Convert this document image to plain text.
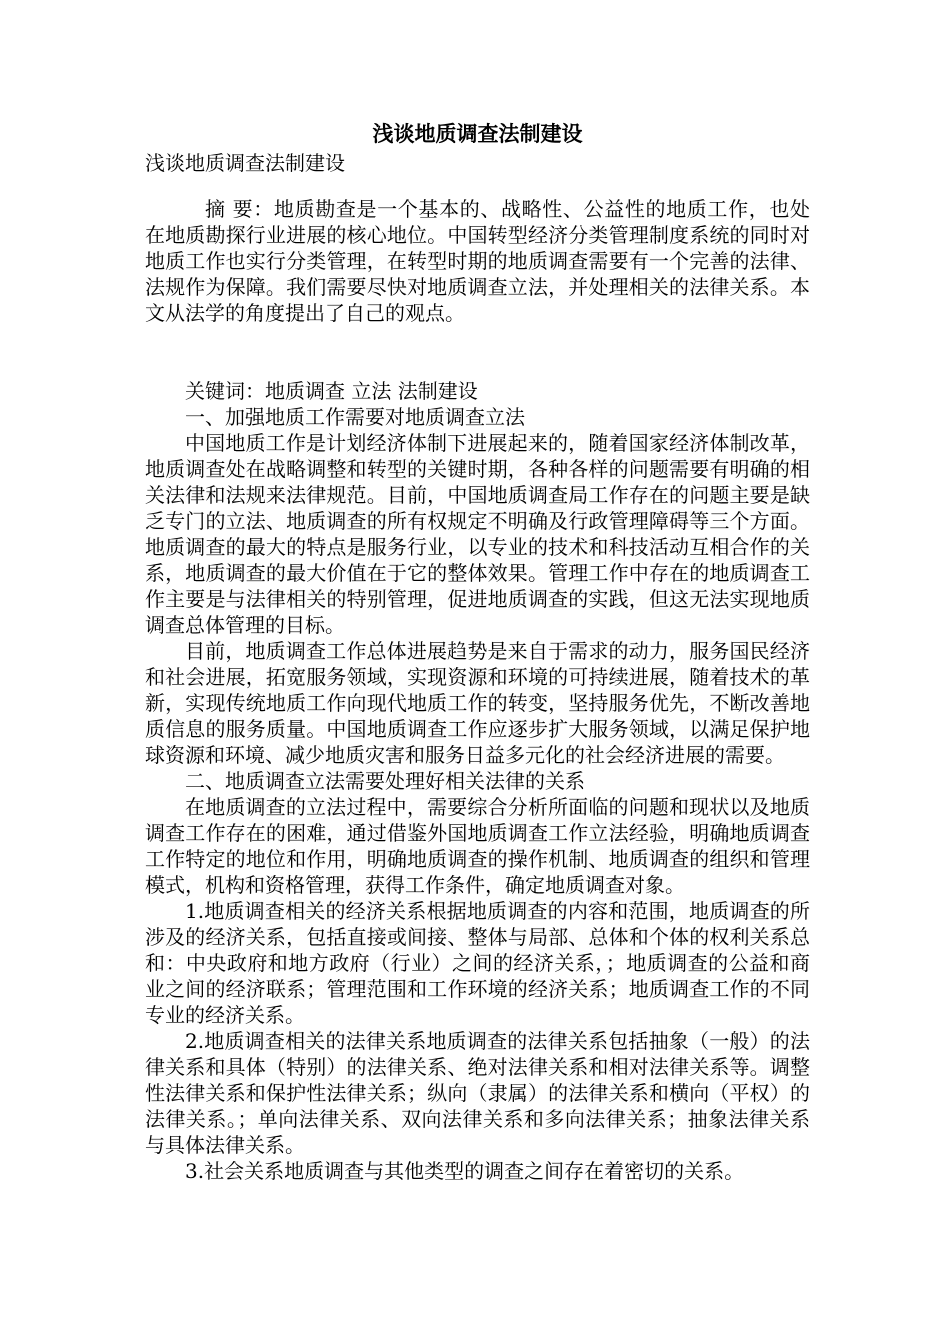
浅谈地质调查法制建设
浅谈地质调查法制建设

摘 要：地质勘查是一个基本的、战略性、公益性的地质工作，也处在地质勘探行业进展的核心地位。中国转型经济分类管理制度系统的同时对地质工作也实行分类管理，在转型时期的地质调查需要有一个完善的法律、法规作为保障。我们需要尽快对地质调查立法，并处理相关的法律关系。本文从法学的角度提出了自己的观点。

关键词：地质调查 立法 法制建设
一、加强地质工作需要对地质调查立法

中国地质工作是计划经济体制下进展起来的，随着国家经济体制改革，地质调查处在战略调整和转型的关键时期，各种各样的问题需要有明确的相关法律和法规来法律规范。目前，中国地质调查局工作存在的问题主要是缺乏专门的立法、地质调查的所有权规定不明确及行政管理障碍等三个方面。地质调查的最大的特点是服务行业，以专业的技术和科技活动互相合作的关系，地质调查的最大价值在于它的整体效果。管理工作中存在的地质调查工作主要是与法律相关的特别管理，促进地质调查的实践，但这无法实现地质调查总体管理的目标。

目前，地质调查工作总体进展趋势是来自于需求的动力，服务国民经济和社会进展，拓宽服务领域，实现资源和环境的可持续进展，随着技术的革新，实现传统地质工作向现代地质工作的转变，坚持服务优先，不断改善地质信息的服务质量。中国地质调查工作应逐步扩大服务领域，以满足保护地球资源和环境、减少地质灾害和服务日益多元化的社会经济进展的需要。

二、地质调查立法需要处理好相关法律的关系

在地质调查的立法过程中，需要综合分析所面临的问题和现状以及地质调查工作存在的困难，通过借鉴外国地质调查工作立法经验，明确地质调查工作特定的地位和作用，明确地质调查的操作机制、地质调查的组织和管理模式，机构和资格管理，获得工作条件，确定地质调查对象。

1.地质调查相关的经济关系根据地质调查的内容和范围，地质调查的所涉及的经济关系，包括直接或间接、整体与局部、总体和个体的权利关系总和：中央政府和地方政府（行业）之间的经济关系，；地质调查的公益和商业之间的经济联系；管理范围和工作环境的经济关系；地质调查工作的不同专业的经济关系。

2.地质调查相关的法律关系地质调查的法律关系包括抽象（一般）的法律关系和具体（特别）的法律关系、绝对法律关系和相对法律关系等。调整性法律关系和保护性法律关系；纵向（隶属）的法律关系和横向（平权）的法律关系。；单向法律关系、双向法律关系和多向法律关系；抽象法律关系与具体法律关系。

3.社会关系地质调查与其他类型的调查之间存在着密切的关系。
